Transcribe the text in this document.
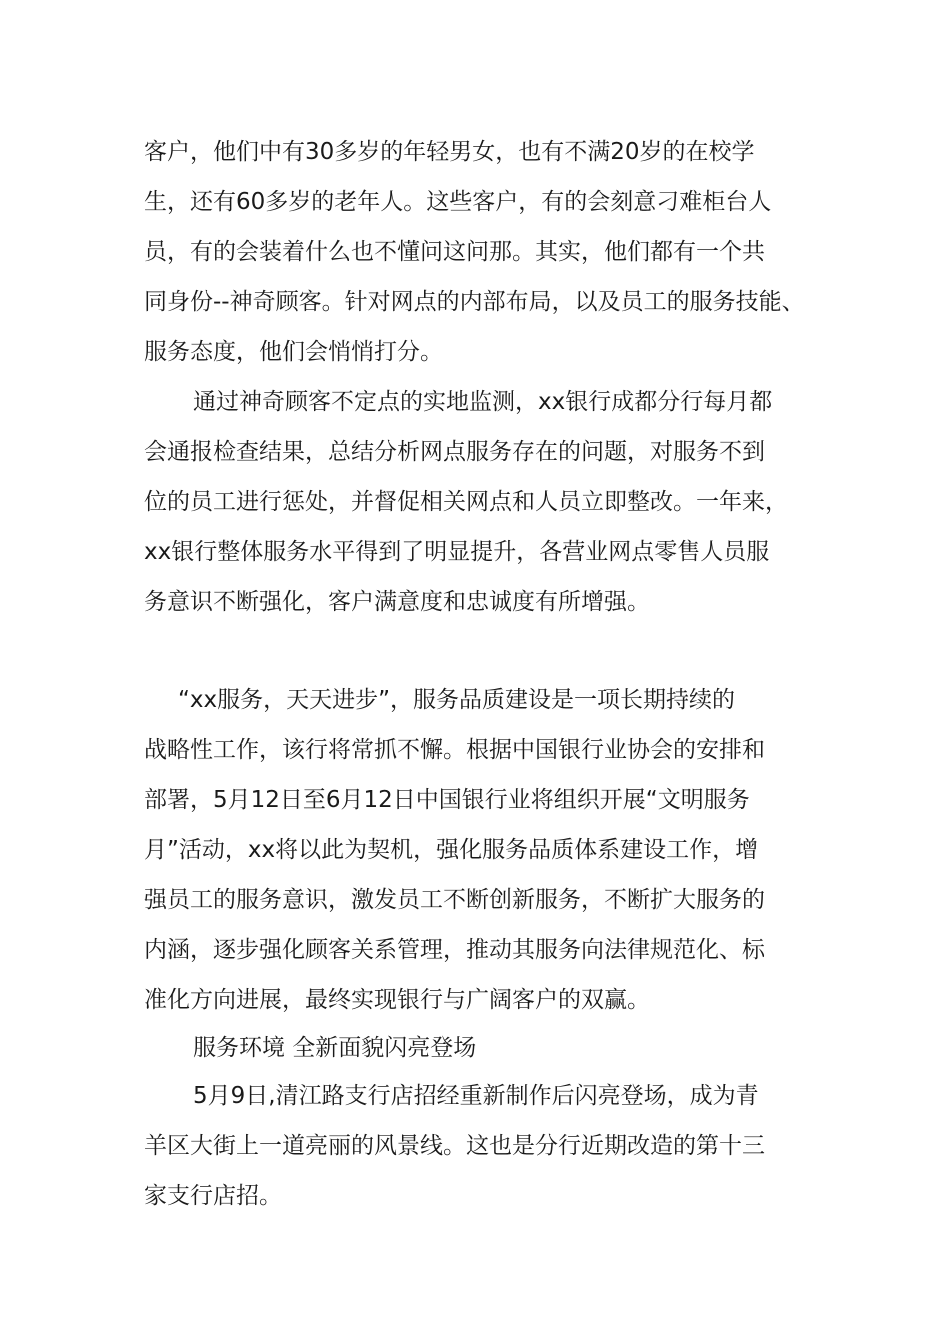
客户，他们中有30多岁的年轻男女，也有不满20岁的在校学
生，还有60多岁的老年人。这些客户，有的会刻意刁难柜台人
员，有的会装着什么也不懂问这问那。其实，他们都有一个共
同身份--神奇顾客。针对网点的内部布局，以及员工的服务技能、
服务态度，他们会悄悄打分。
通过神奇顾客不定点的实地监测，xx银行成都分行每月都
会通报检查结果，总结分析网点服务存在的问题，对服务不到
位的员工进行惩处，并督促相关网点和人员立即整改。一年来，
xx银行整体服务水平得到了明显提升，各营业网点零售人员服
务意识不断强化，客户满意度和忠诚度有所增强。
“xx服务，天天进步”，服务品质建设是一项长期持续的
战略性工作，该行将常抓不懈。根据中国银行业协会的安排和
部署，5月12日至6月12日中国银行业将组织开展“文明服务
月”活动，xx将以此为契机，强化服务品质体系建设工作，增
强员工的服务意识，激发员工不断创新服务，不断扩大服务的
内涵，逐步强化顾客关系管理，推动其服务向法律规范化、标
准化方向进展，最终实现银行与广阔客户的双赢。
服务环境 全新面貌闪亮登场
5月9日,清江路支行店招经重新制作后闪亮登场，成为青
羊区大街上一道亮丽的风景线。这也是分行近期改造的第十三
家支行店招。
